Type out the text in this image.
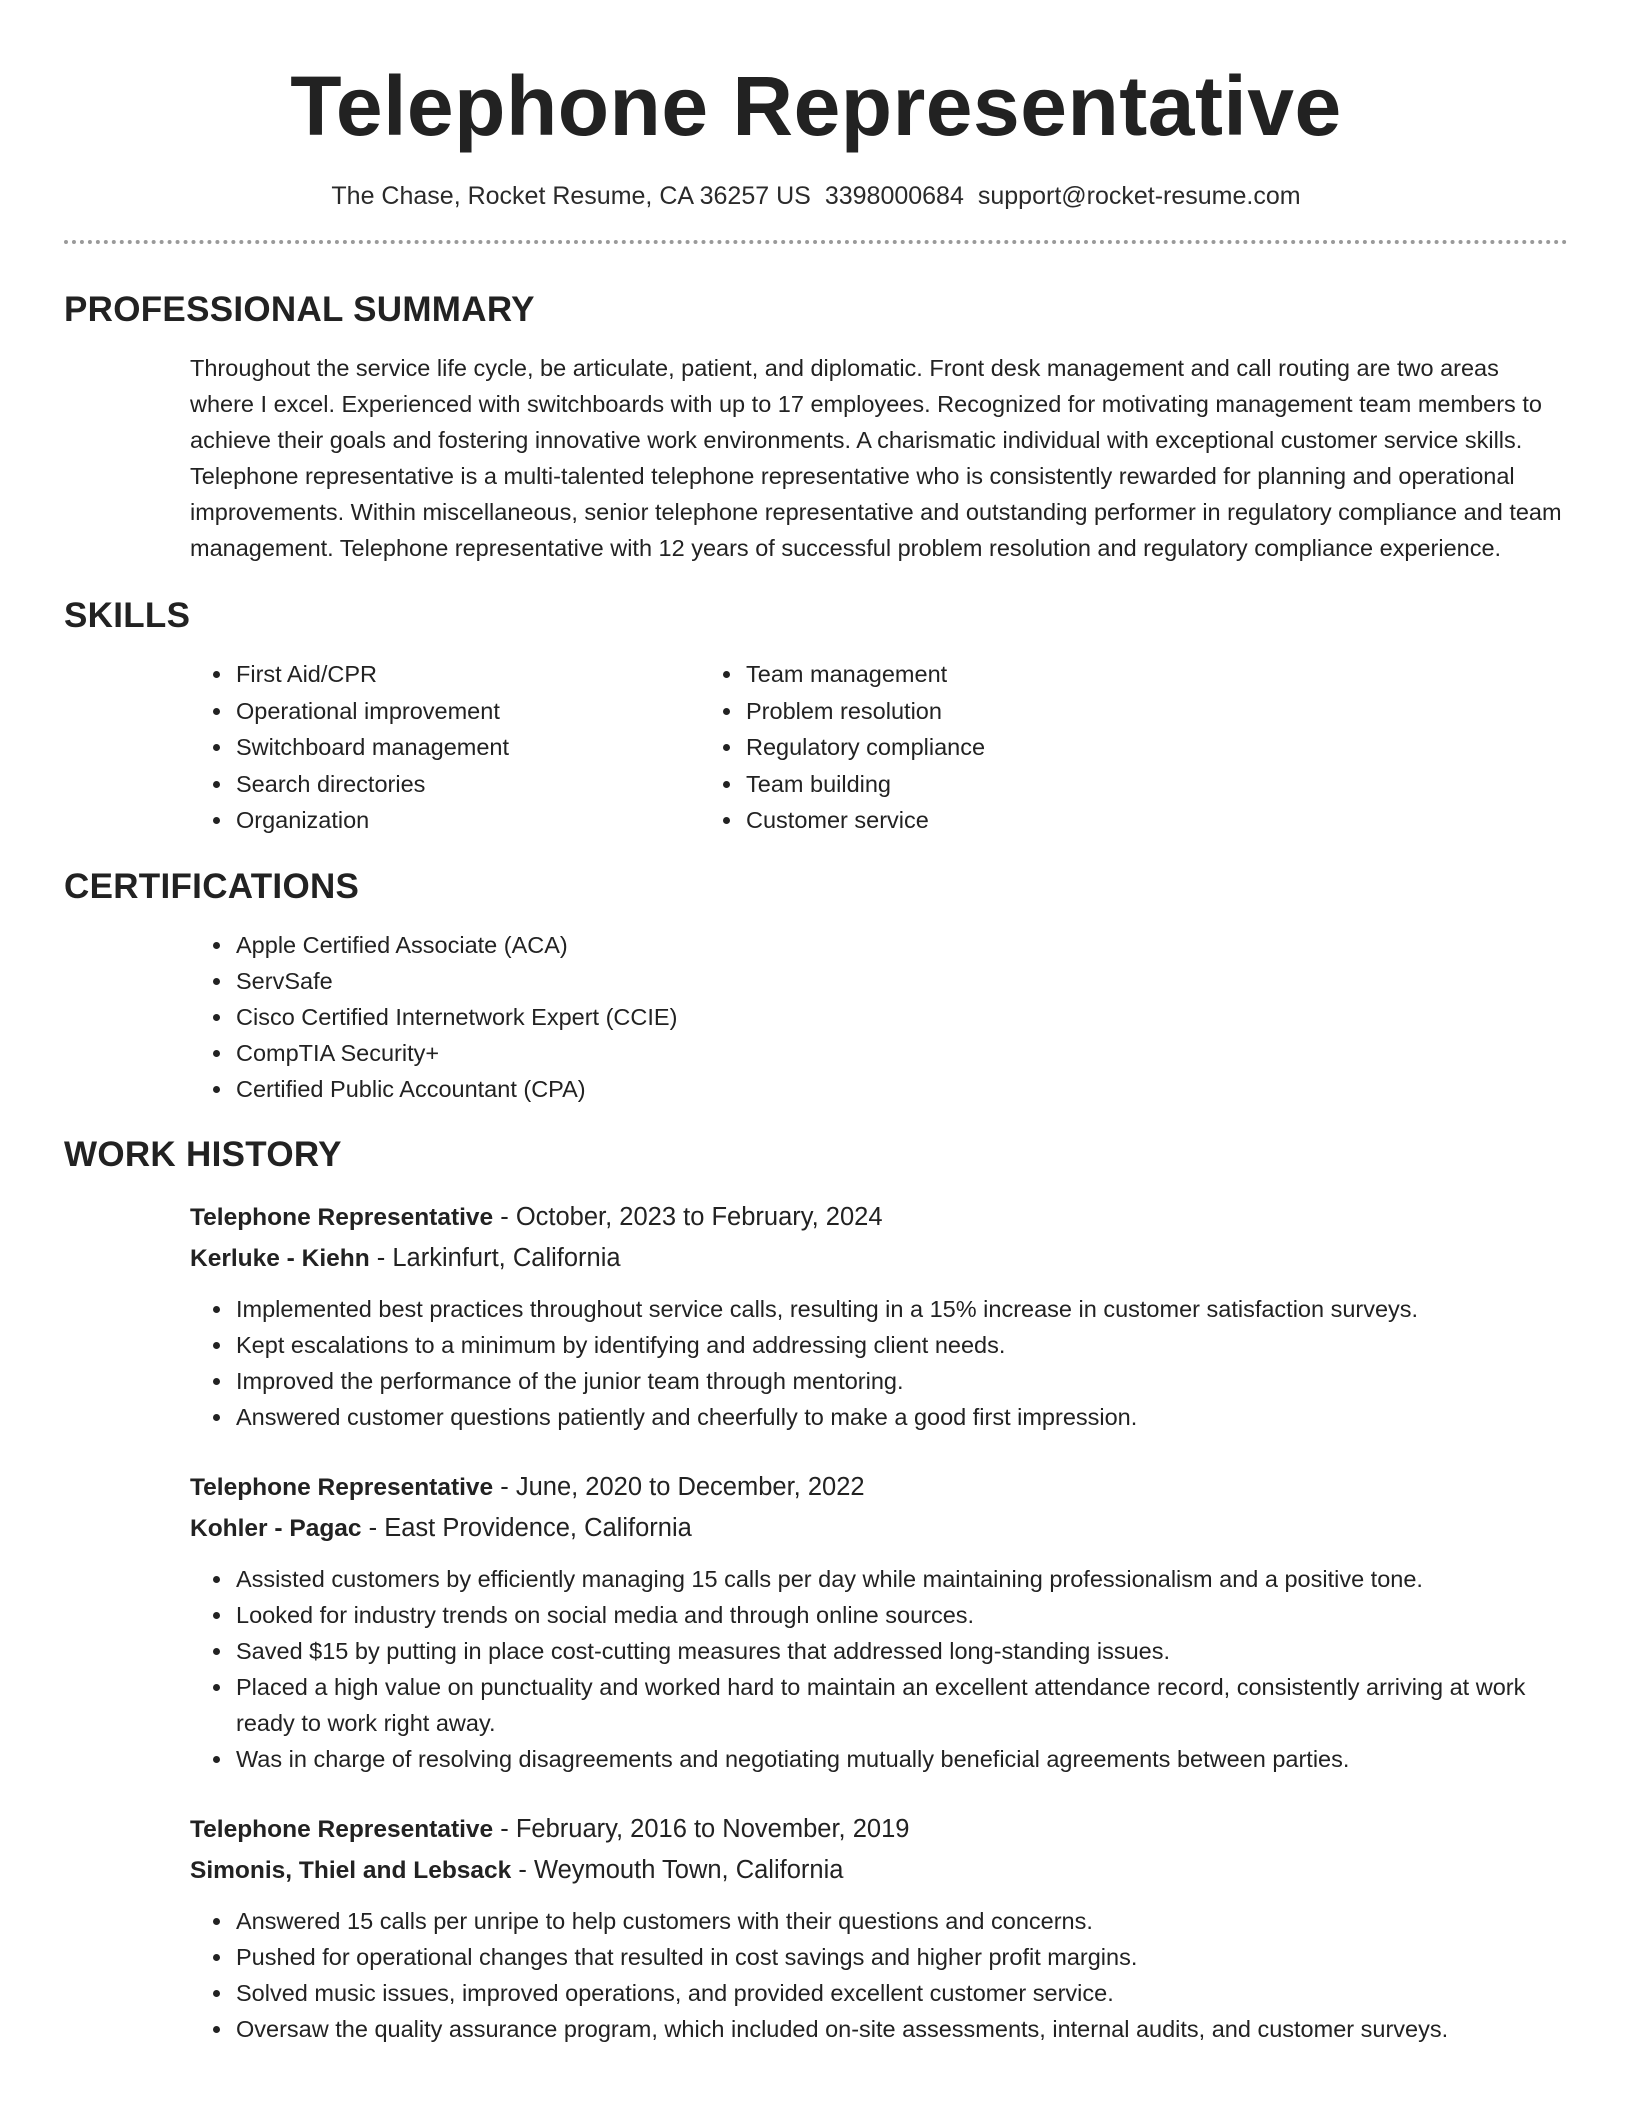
Telephone Representative
The Chase, Rocket Resume, CA 36257 US 3398000684 support@rocket-resume.com
PROFESSIONAL SUMMARY
Throughout the service life cycle, be articulate, patient, and diplomatic. Front desk management and call routing are two areas where I excel. Experienced with switchboards with up to 17 employees. Recognized for motivating management team members to achieve their goals and fostering innovative work environments. A charismatic individual with exceptional customer service skills. Telephone representative is a multi-talented telephone representative who is consistently rewarded for planning and operational improvements. Within miscellaneous, senior telephone representative and outstanding performer in regulatory compliance and team management. Telephone representative with 12 years of successful problem resolution and regulatory compliance experience.
SKILLS
• First Aid/CPR
• Operational improvement
• Switchboard management
• Search directories
• Organization
• Team management
• Problem resolution
• Regulatory compliance
• Team building
• Customer service
CERTIFICATIONS
• Apple Certified Associate (ACA)
• ServSafe
• Cisco Certified Internetwork Expert (CCIE)
• CompTIA Security+
• Certified Public Accountant (CPA)
WORK HISTORY
Telephone Representative - October, 2023 to February, 2024
Kerluke - Kiehn - Larkinfurt, California
• Implemented best practices throughout service calls, resulting in a 15% increase in customer satisfaction surveys.
• Kept escalations to a minimum by identifying and addressing client needs.
• Improved the performance of the junior team through mentoring.
• Answered customer questions patiently and cheerfully to make a good first impression.
Telephone Representative - June, 2020 to December, 2022
Kohler - Pagac - East Providence, California
• Assisted customers by efficiently managing 15 calls per day while maintaining professionalism and a positive tone.
• Looked for industry trends on social media and through online sources.
• Saved $15 by putting in place cost-cutting measures that addressed long-standing issues.
• Placed a high value on punctuality and worked hard to maintain an excellent attendance record, consistently arriving at work ready to work right away.
• Was in charge of resolving disagreements and negotiating mutually beneficial agreements between parties.
Telephone Representative - February, 2016 to November, 2019
Simonis, Thiel and Lebsack - Weymouth Town, California
• Answered 15 calls per unripe to help customers with their questions and concerns.
• Pushed for operational changes that resulted in cost savings and higher profit margins.
• Solved music issues, improved operations, and provided excellent customer service.
• Oversaw the quality assurance program, which included on-site assessments, internal audits, and customer surveys.
